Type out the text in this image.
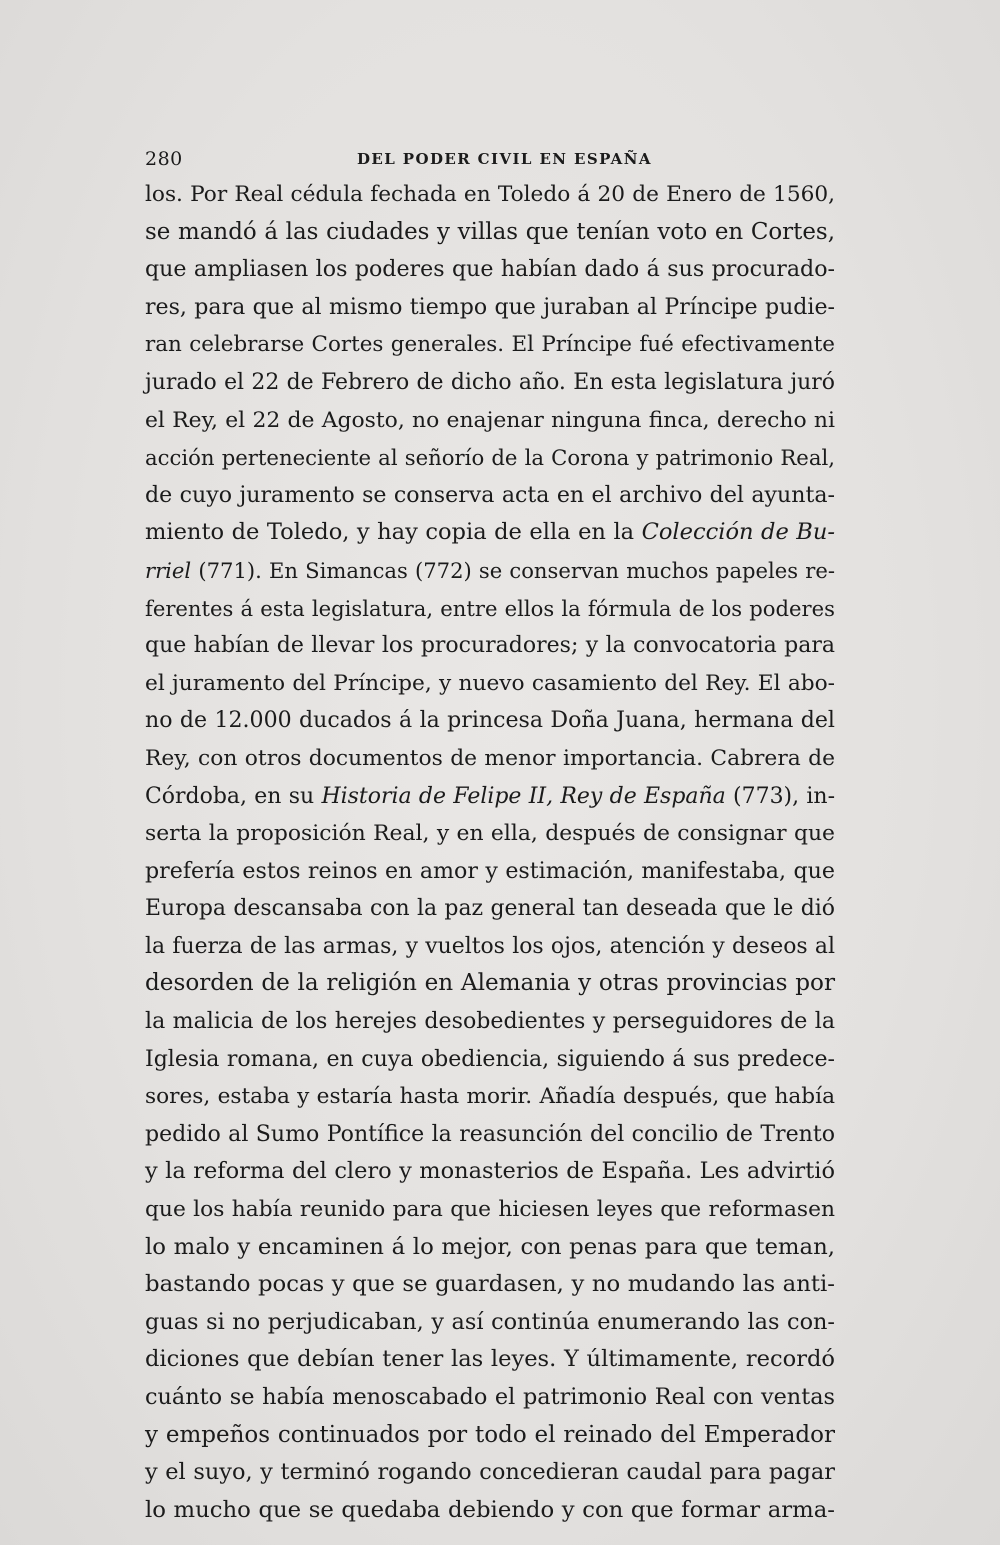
280	DEL PODER CIVIL EN ESPAÑA
los. Por Real cédula fechada en Toledo á 20 de Enero de 1560,
se mandó á las ciudades y villas que tenían voto en Cortes,
que ampliasen los poderes que habían dado á sus procurado-
res, para que al mismo tiempo que juraban al Príncipe pudie-
ran celebrarse Cortes generales. El Príncipe fué efectivamente
jurado el 22 de Febrero de dicho año. En esta legislatura juró
el Rey, el 22 de Agosto, no enajenar ninguna finca, derecho ni
acción perteneciente al señorío de la Corona y patrimonio Real,
de cuyo juramento se conserva acta en el archivo del ayunta-
miento de Toledo, y hay copia de ella en la Colección de Bu-
rriel (771). En Simancas (772) se conservan muchos papeles re-
ferentes á esta legislatura, entre ellos la fórmula de los poderes
que habían de llevar los procuradores; y la convocatoria para
el juramento del Príncipe, y nuevo casamiento del Rey. El abo-
no de 12.000 ducados á la princesa Doña Juana, hermana del
Rey, con otros documentos de menor importancia. Cabrera de
Córdoba, en su Historia de Felipe II, Rey de España (773), in-
serta la proposición Real, y en ella, después de consignar que
prefería estos reinos en amor y estimación, manifestaba, que
Europa descansaba con la paz general tan deseada que le dió
la fuerza de las armas, y vueltos los ojos, atención y deseos al
desorden de la religión en Alemania y otras provincias por
la malicia de los herejes desobedientes y perseguidores de la
Iglesia romana, en cuya obediencia, siguiendo á sus predece-
sores, estaba y estaría hasta morir. Añadía después, que había
pedido al Sumo Pontífice la reasunción del concilio de Trento
y la reforma del clero y monasterios de España. Les advirtió
que los había reunido para que hiciesen leyes que reformasen
lo malo y encaminen á lo mejor, con penas para que teman,
bastando pocas y que se guardasen, y no mudando las anti-
guas si no perjudicaban, y así continúa enumerando las con-
diciones que debían tener las leyes. Y últimamente, recordó
cuánto se había menoscabado el patrimonio Real con ventas
y empeños continuados por todo el reinado del Emperador
y el suyo, y terminó rogando concedieran caudal para pagar
lo mucho que se quedaba debiendo y con que formar arma-
